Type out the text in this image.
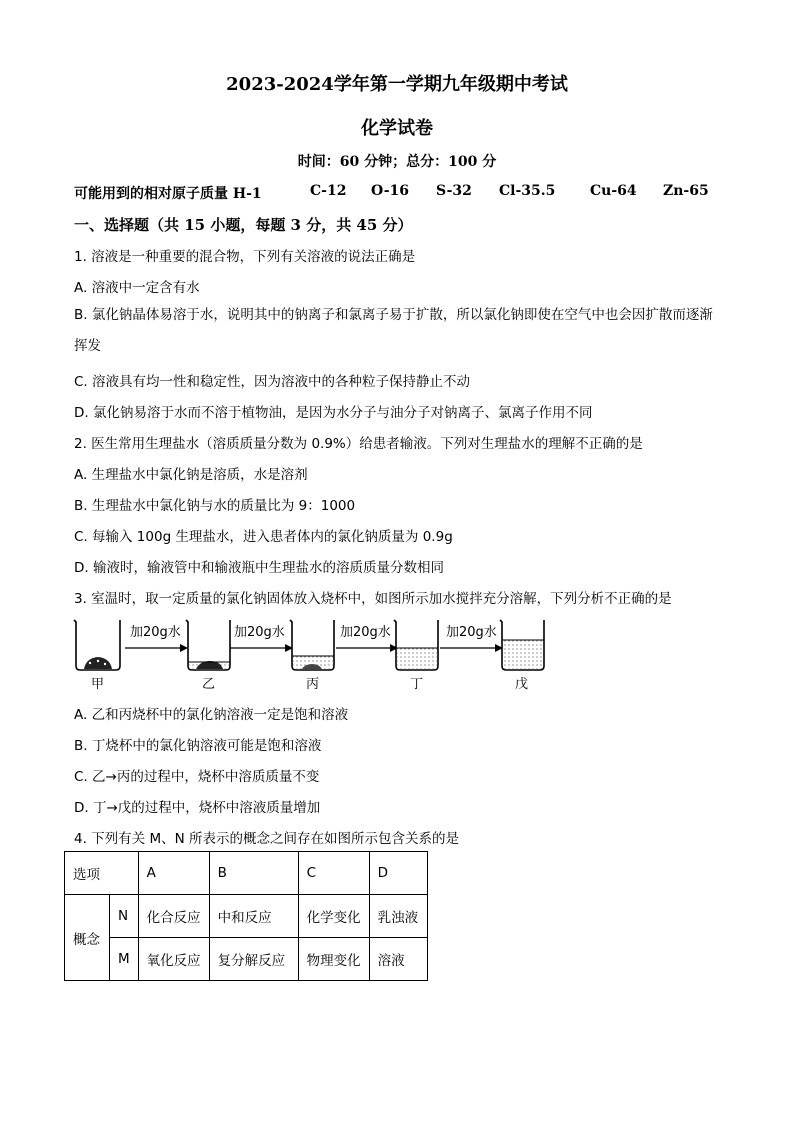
2023-2024学年第一学期九年级期中考试
化学试卷
时间：60 分钟；总分：100 分
可能用到的相对原子质量 H-1	C-12 O-16 S-32 Cl-35.5 Cu-64 Zn-65
一、选择题（共 15 小题，每题 3 分，共 45 分）
1. 溶液是一种重要的混合物，下列有关溶液的说法正确是
A. 溶液中一定含有水
B. 氯化钠晶体易溶于水，说明其中的钠离子和氯离子易于扩散，所以氯化钠即使在空气中也会因扩散而逐渐挥发
C. 溶液具有均一性和稳定性，因为溶液中的各种粒子保持静止不动
D. 氯化钠易溶于水而不溶于植物油，是因为水分子与油分子对钠离子、氯离子作用不同
2. 医生常用生理盐水（溶质质量分数为 0.9%）给患者输液。下列对生理盐水的理解不正确的是
A. 生理盐水中氯化钠是溶质，水是溶剂
B. 生理盐水中氯化钠与水的质量比为 9：1000
C. 每输入 100g 生理盐水，进入患者体内的氯化钠质量为 0.9g
D. 输液时，输液管中和输液瓶中生理盐水的溶质质量分数相同
3. 室温时，取一定质量的氯化钠固体放入烧杯中，如图所示加水搅拌充分溶解，下列分析不正确的是
加20g水	加20g水	加20g水	加20g水
甲	乙	丙	丁	戊
A. 乙和丙烧杯中的氯化钠溶液一定是饱和溶液
B. 丁烧杯中的氯化钠溶液可能是饱和溶液
C. 乙→丙的过程中，烧杯中溶质质量不变
D. 丁→戊的过程中，烧杯中溶液质量增加
4. 下列有关 M、N 所表示的概念之间存在如图所示包含关系的是
选项		A	B	C	D
概念	N	化合反应	中和反应	化学变化	乳浊液
	M	氧化反应	复分解反应	物理变化	溶液
